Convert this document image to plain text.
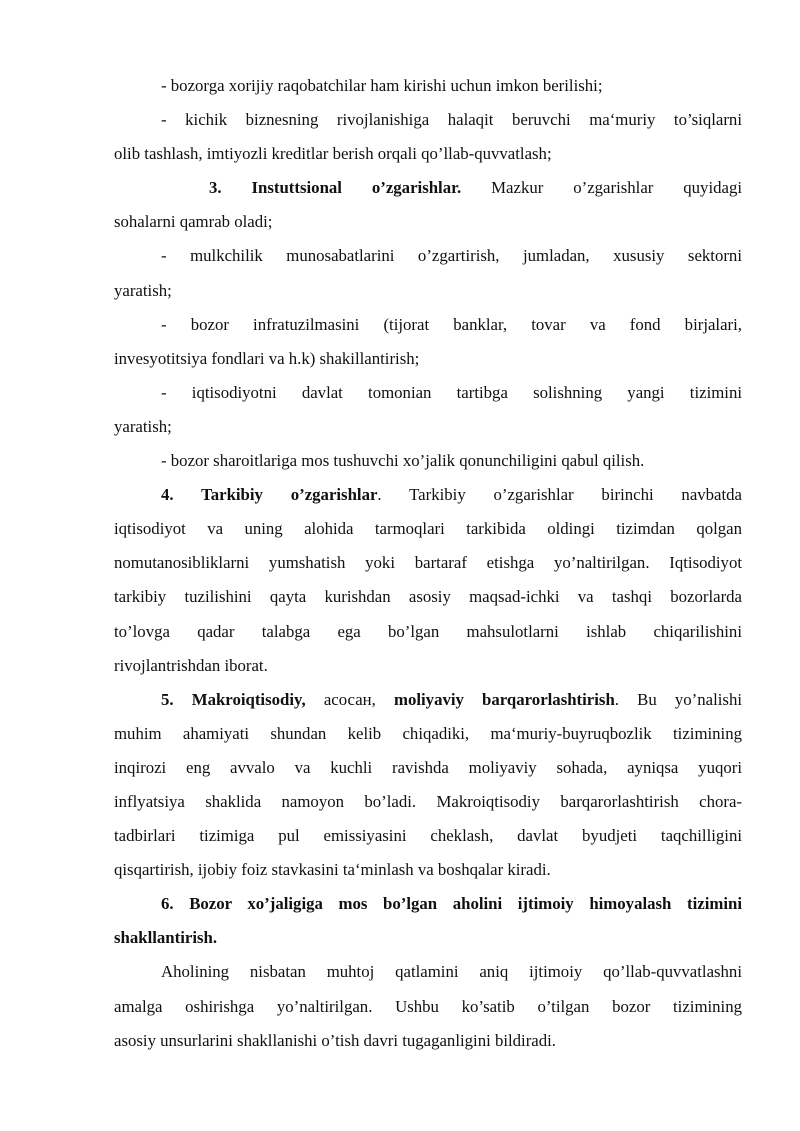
- bozorga xorijiy raqobatchilar ham kirishi uchun imkon berilishi;
- kichik biznesning rivojlanishiga halaqit beruvchi ma‘muriy to’siqlarni
olib tashlash, imtiyozli kreditlar berish orqali qo’llab-quvvatlash;
3. Instuttsional o’zgarishlar. Mazkur o’zgarishlar quyidagi
sohalarni qamrab oladi;
- mulkchilik munosabatlarini o’zgartirish, jumladan, xususiy sektorni
yaratish;
- bozor infratuzilmasini (tijorat banklar, tovar va fond birjalari,
invesyotitsiya fondlari va h.k) shakillantirish;
- iqtisodiyotni davlat tomonian tartibga solishning yangi tizimini
yaratish;
- bozor sharoitlariga mos tushuvchi xo’jalik qonunchiligini qabul qilish.
4. Tarkibiy o’zgarishlar. Tarkibiy o’zgarishlar birinchi navbatda
iqtisodiyot va uning alohida tarmoqlari tarkibida oldingi tizimdan qolgan
nomutanosibliklarni yumshatish yoki bartaraf etishga yo’naltirilgan. Iqtisodiyot
tarkibiy tuzilishini qayta kurishdan asosiy maqsad-ichki va tashqi bozorlarda
to’lovga qadar talabga ega bo’lgan mahsulotlarni ishlab chiqarilishini
rivojlantrishdan iborat.
5. Makroiqtisodiy, асосан, moliyaviy barqarorlashtirish. Bu yo’nalishi
muhim ahamiyati shundan kelib chiqadiki, ma‘muriy-buyruqbozlik tizimining
inqirozi eng avvalo va kuchli ravishda moliyaviy sohada, ayniqsa yuqori
inflyatsiya shaklida namoyon bo’ladi. Makroiqtisodiy barqarorlashtirish chora-
tadbirlari tizimiga pul emissiyasini cheklash, davlat byudjeti taqchilligini
qisqartirish, ijobiy foiz stavkasini ta‘minlash va boshqalar kiradi.
6. Bozor xo’jaligiga mos bo’lgan aholini ijtimoiy himoyalash tizimini
shakllantirish.
Aholining nisbatan muhtoj qatlamini aniq ijtimoiy qo’llab-quvvatlashni
amalga oshirishga yo’naltirilgan. Ushbu ko’satib o’tilgan bozor tizimining
asosiy unsurlarini shakllanishi o’tish davri tugaganligini bildiradi.
